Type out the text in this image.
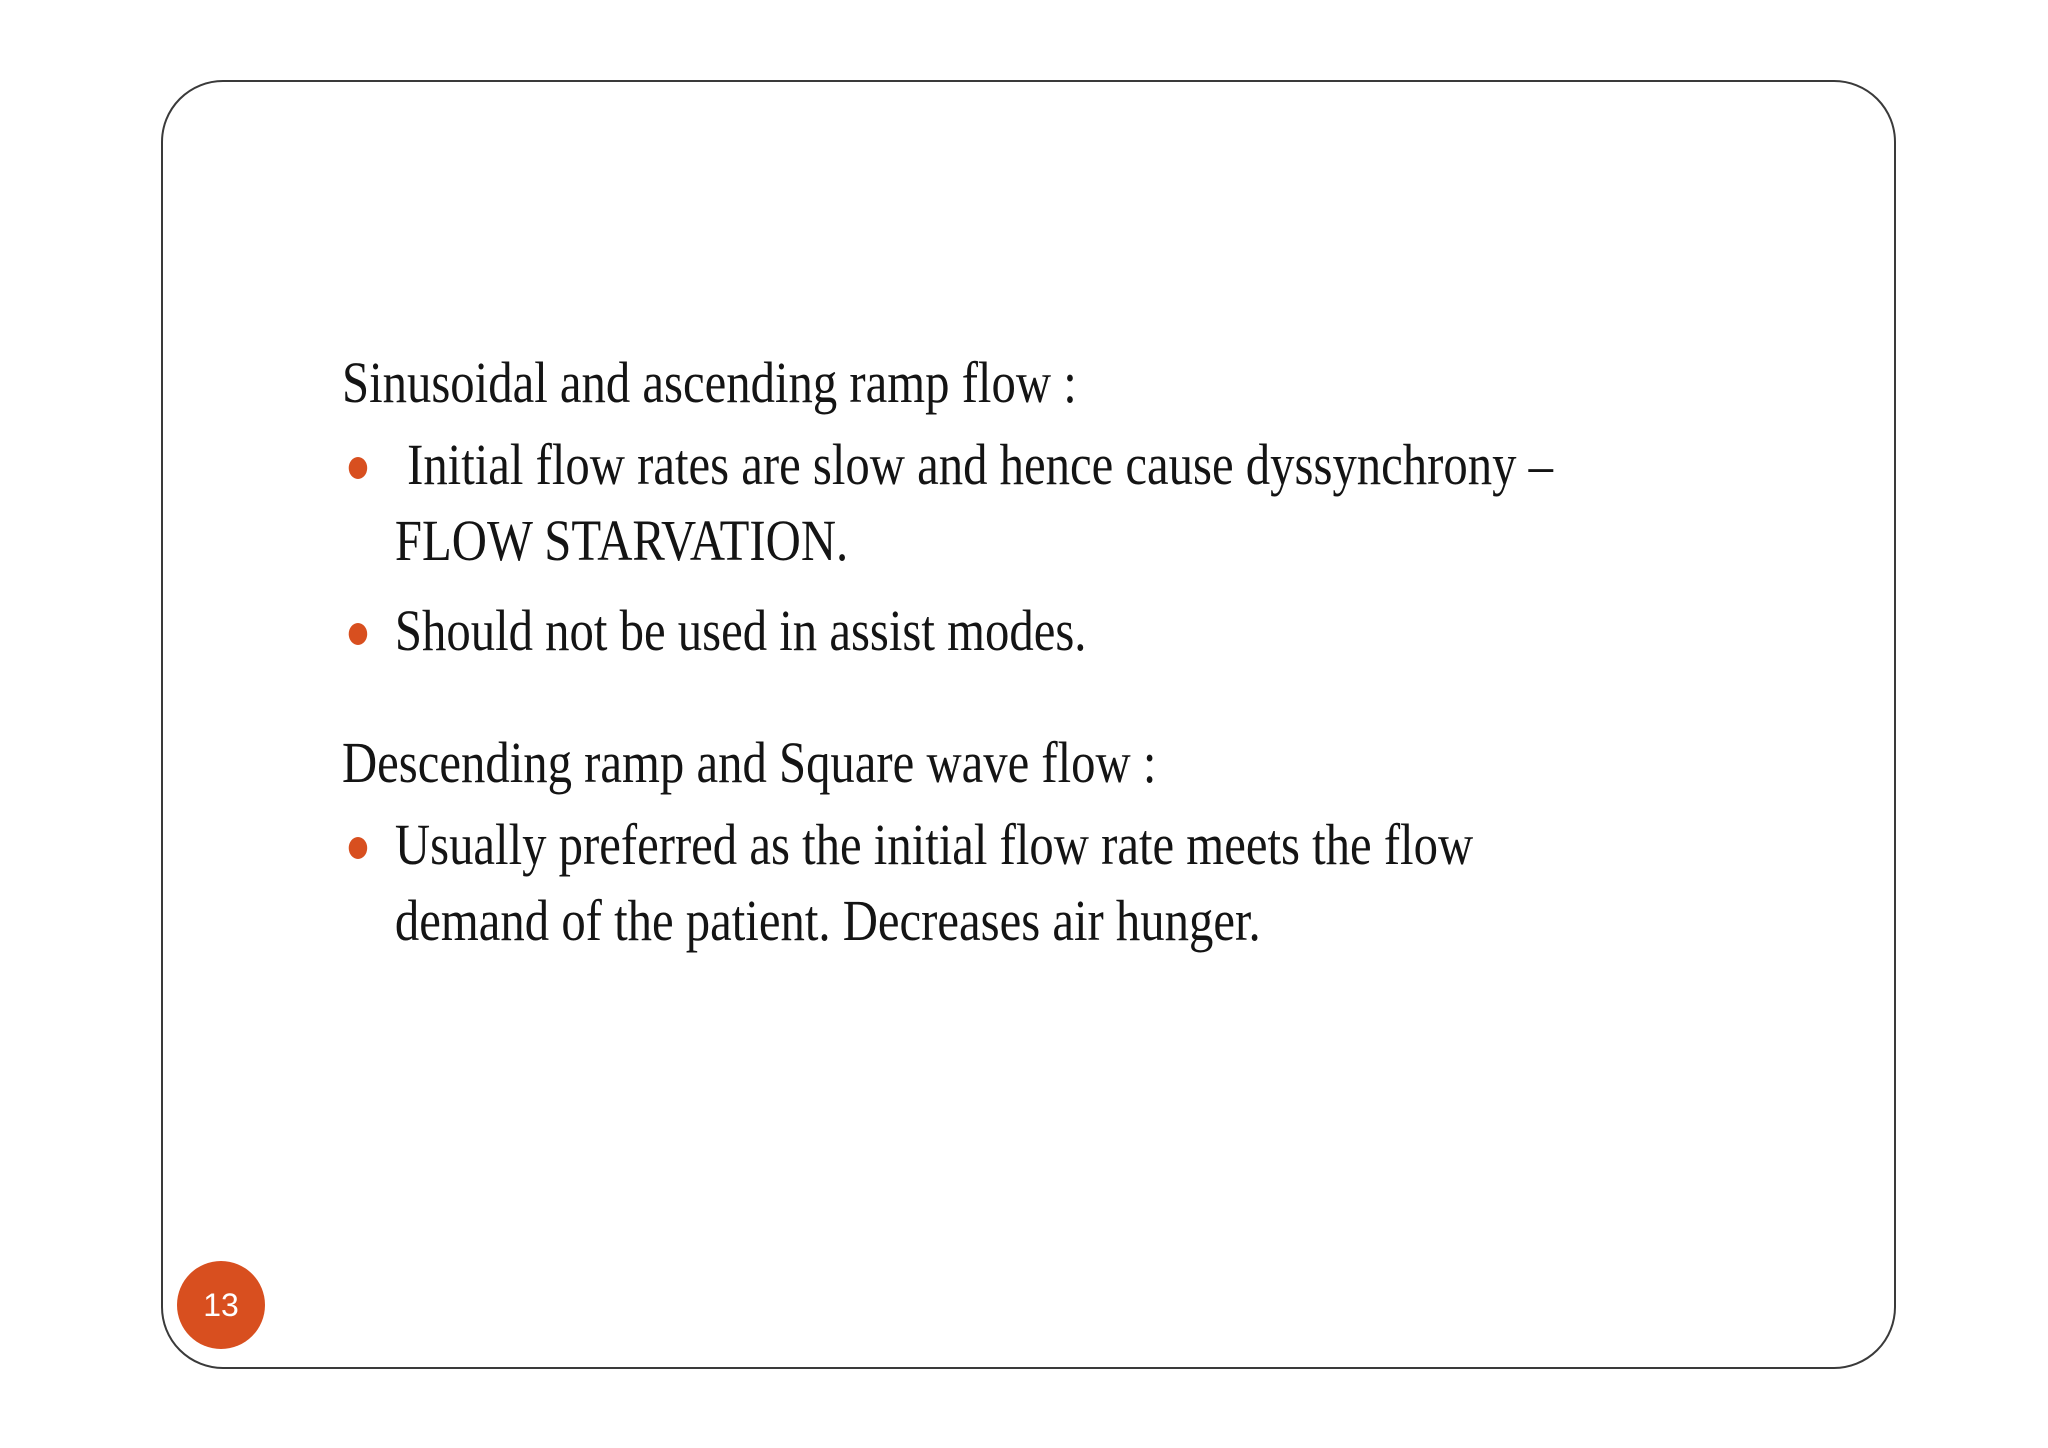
Sinusoidal and ascending ramp flow :

Initial flow rates are slow and hence cause dyssynchrony – FLOW STARVATION.
Should not be used in assist modes.

Descending ramp and Square wave flow :

Usually preferred as the initial flow rate meets the flow demand of the patient. Decreases air hunger.
13
